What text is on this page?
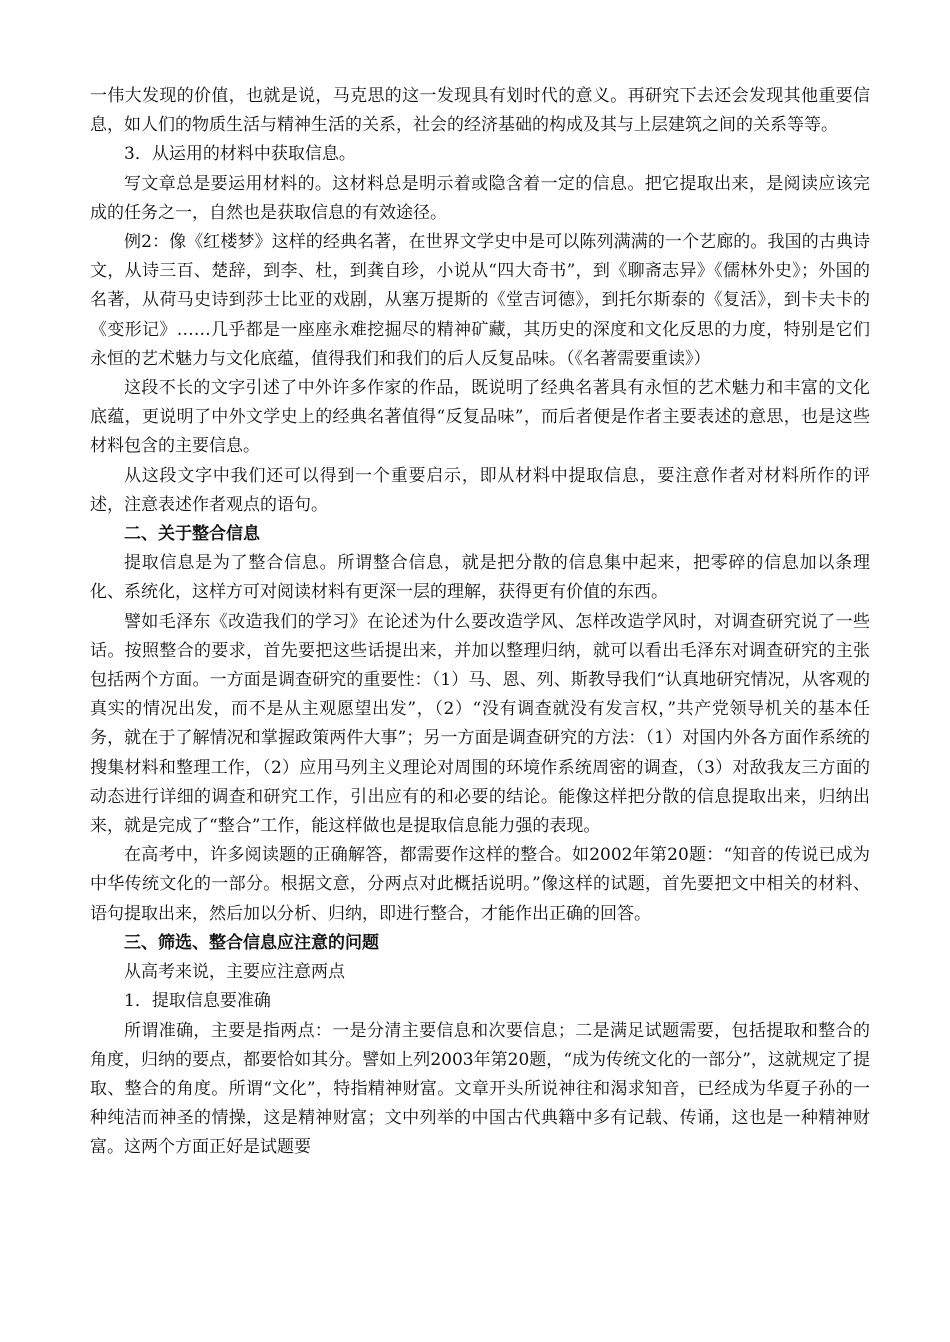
一伟大发现的价值，也就是说，马克思的这一发现具有划时代的意义。再研究下去还会发现其他重要信息，如人们的物质生活与精神生活的关系，社会的经济基础的构成及其与上层建筑之间的关系等等。

3．从运用的材料中获取信息。

写文章总是要运用材料的。这材料总是明示着或隐含着一定的信息。把它提取出来，是阅读应该完成的任务之一，自然也是获取信息的有效途径。

例2：像《红楼梦》这样的经典名著，在世界文学史中是可以陈列满满的一个艺廊的。我国的古典诗文，从诗三百、楚辞，到李、杜，到龚自珍，小说从“四大奇书”，到《聊斋志异》《儒林外史》；外国的名著，从荷马史诗到莎士比亚的戏剧，从塞万提斯的《堂吉诃德》，到托尔斯泰的《复活》，到卡夫卡的《变形记》……几乎都是一座座永难挖掘尽的精神矿藏，其历史的深度和文化反思的力度，特别是它们永恒的艺术魅力与文化底蕴，值得我们和我们的后人反复品味。（《名著需要重读》）

这段不长的文字引述了中外许多作家的作品，既说明了经典名著具有永恒的艺术魅力和丰富的文化底蕴，更说明了中外文学史上的经典名著值得“反复品味”，而后者便是作者主要表述的意思，也是这些材料包含的主要信息。

从这段文字中我们还可以得到一个重要启示，即从材料中提取信息，要注意作者对材料所作的评述，注意表述作者观点的语句。

二、关于整合信息

提取信息是为了整合信息。所谓整合信息，就是把分散的信息集中起来，把零碎的信息加以条理化、系统化，这样方可对阅读材料有更深一层的理解，获得更有价值的东西。

譬如毛泽东《改造我们的学习》在论述为什么要改造学风、怎样改造学风时，对调查研究说了一些话。按照整合的要求，首先要把这些话提出来，并加以整理归纳，就可以看出毛泽东对调查研究的主张包括两个方面。一方面是调查研究的重要性：（1）马、恩、列、斯教导我们“认真地研究情况，从客观的真实的情况出发，而不是从主观愿望出发”，（2）“没有调查就没有发言权，”共产党领导机关的基本任务，就在于了解情况和掌握政策两件大事”；另一方面是调查研究的方法：（1）对国内外各方面作系统的搜集材料和整理工作，（2）应用马列主义理论对周围的环境作系统周密的调查，（3）对敌我友三方面的动态进行详细的调查和研究工作，引出应有的和必要的结论。能像这样把分散的信息提取出来，归纳出来，就是完成了“整合”工作，能这样做也是提取信息能力强的表现。

在高考中，许多阅读题的正确解答，都需要作这样的整合。如2002年第20题：“知音的传说已成为中华传统文化的一部分。根据文意，分两点对此概括说明。”像这样的试题，首先要把文中相关的材料、语句提取出来，然后加以分析、归纳，即进行整合，才能作出正确的回答。

三、筛选、整合信息应注意的问题

从高考来说，主要应注意两点

1．提取信息要准确

所谓准确，主要是指两点：一是分清主要信息和次要信息；二是满足试题需要，包括提取和整合的角度，归纳的要点，都要恰如其分。譬如上列2003年第20题，“成为传统文化的一部分”，这就规定了提取、整合的角度。所谓“文化”，特指精神财富。文章开头所说神往和渴求知音，已经成为华夏子孙的一种纯洁而神圣的情操，这是精神财富；文中列举的中国古代典籍中多有记载、传诵，这也是一种精神财富。这两个方面正好是试题要
